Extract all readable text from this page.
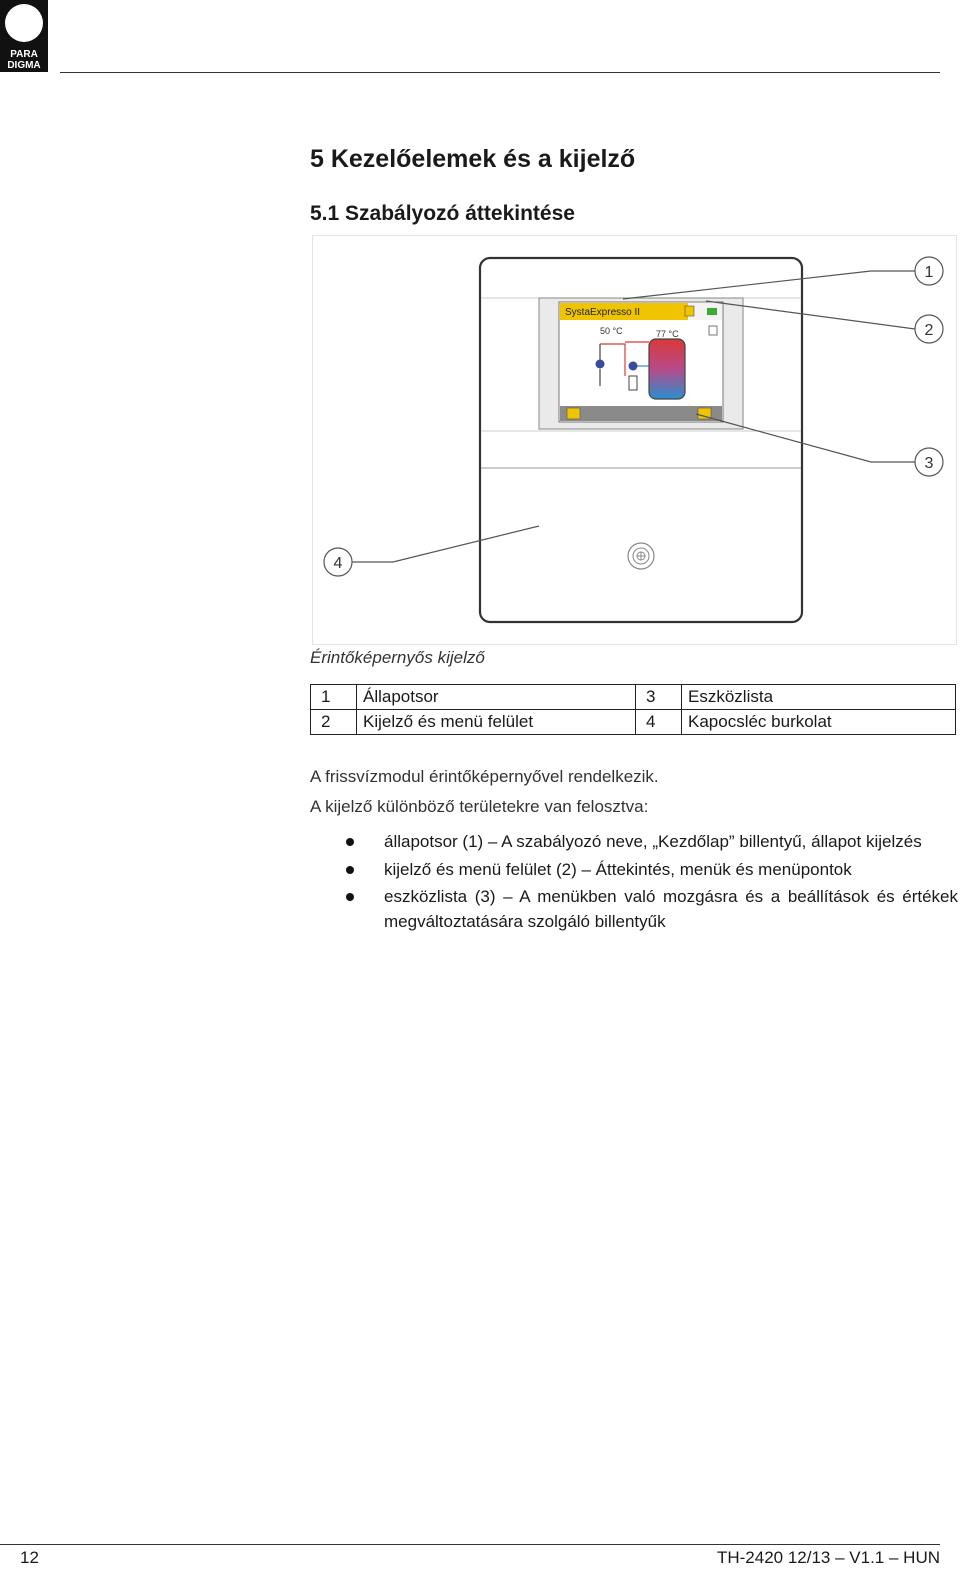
PARA
DIGMA
5 Kezelőelemek és a kijelző
5.1 Szabályozó áttekintése
SystaExpresso II
50 °C	77 °C
1
2
3
4
Érintőképernyős kijelző
1	Állapotsor	3	Eszközlista
2	Kijelző és menü felület	4	Kapocsléc burkolat
A frissvízmodul érintőképernyővel rendelkezik.
A kijelző különböző területekre van felosztva:
állapotsor (1) – A szabályozó neve, „Kezdőlap” billentyű, állapot kijelzés
kijelző és menü felület (2) – Áttekintés, menük és menüpontok
eszközlista (3) – A menükben való mozgásra és a beállítások és értékek megváltoztatására szolgáló billentyűk
12	TH-2420 12/13 – V1.1 – HUN
